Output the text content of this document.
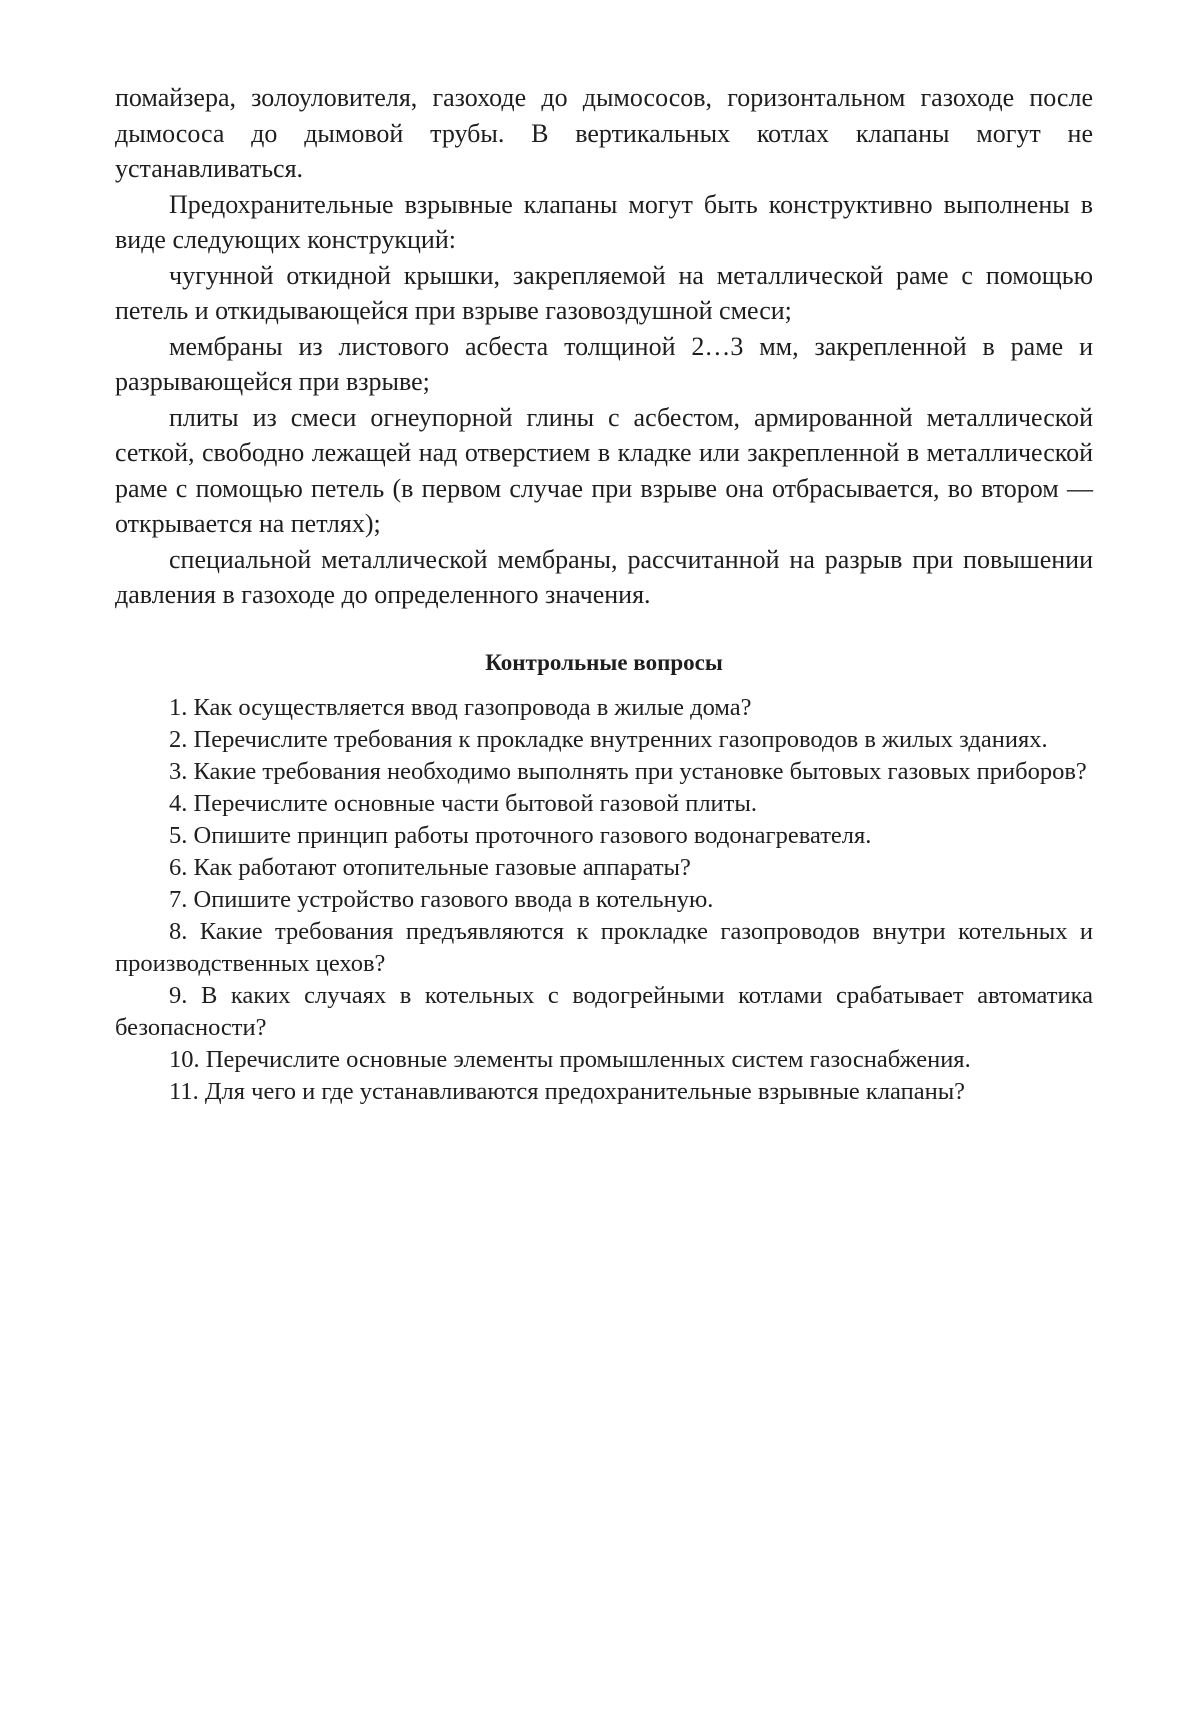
помайзера, золоуловителя, газоходе до дымососов, горизонтальном газоходе после дымососа до дымовой трубы. В вертикальных котлах клапаны могут не устанавливаться.

Предохранительные взрывные клапаны могут быть конструктивно выполнены в виде следующих конструкций:

чугунной откидной крышки, закрепляемой на металлической раме с помощью петель и откидывающейся при взрыве газовоздушной смеси;

мембраны из листового асбеста толщиной 2…3 мм, закрепленной в раме и разрывающейся при взрыве;

плиты из смеси огнеупорной глины с асбестом, армированной металлической сеткой, свободно лежащей над отверстием в кладке или закрепленной в металлической раме с помощью петель (в первом случае при взрыве она отбрасывается, во втором — открывается на петлях);

специальной металлической мембраны, рассчитанной на разрыв при повышении давления в газоходе до определенного значения.

Контрольные вопросы

1. Как осуществляется ввод газопровода в жилые дома?

2. Перечислите требования к прокладке внутренних газопроводов в жилых зданиях.

3. Какие требования необходимо выполнять при установке бытовых газовых приборов?

4. Перечислите основные части бытовой газовой плиты.

5. Опишите принцип работы проточного газового водонагревателя.

6. Как работают отопительные газовые аппараты?

7. Опишите устройство газового ввода в котельную.

8. Какие требования предъявляются к прокладке газопроводов внутри котельных и производственных цехов?

9. В каких случаях в котельных с водогрейными котлами срабатывает автоматика безопасности?

10. Перечислите основные элементы промышленных систем газоснабжения.

11. Для чего и где устанавливаются предохранительные взрывные клапаны?
